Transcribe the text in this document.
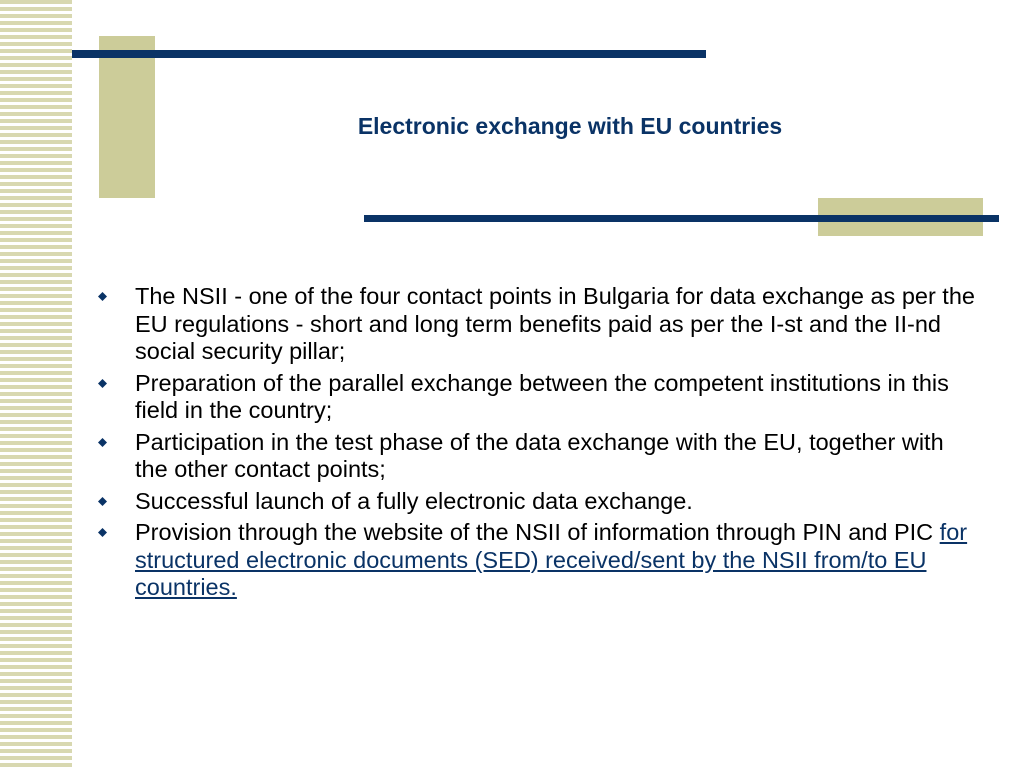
Electronic exchange with EU countries
The NSII - one of the four contact points in Bulgaria for data exchange as per the EU regulations - short and long term benefits paid as per the I-st and the II-nd social security pillar;
Preparation of the parallel exchange between the competent institutions in this field in the country;
Participation in the test phase of the data exchange with the EU, together with the other contact points;
Successful launch of a fully electronic data exchange.
Provision through the website of the NSII of information through PIN and PIC for structured electronic documents (SED) received/sent by the NSII from/to EU countries.
